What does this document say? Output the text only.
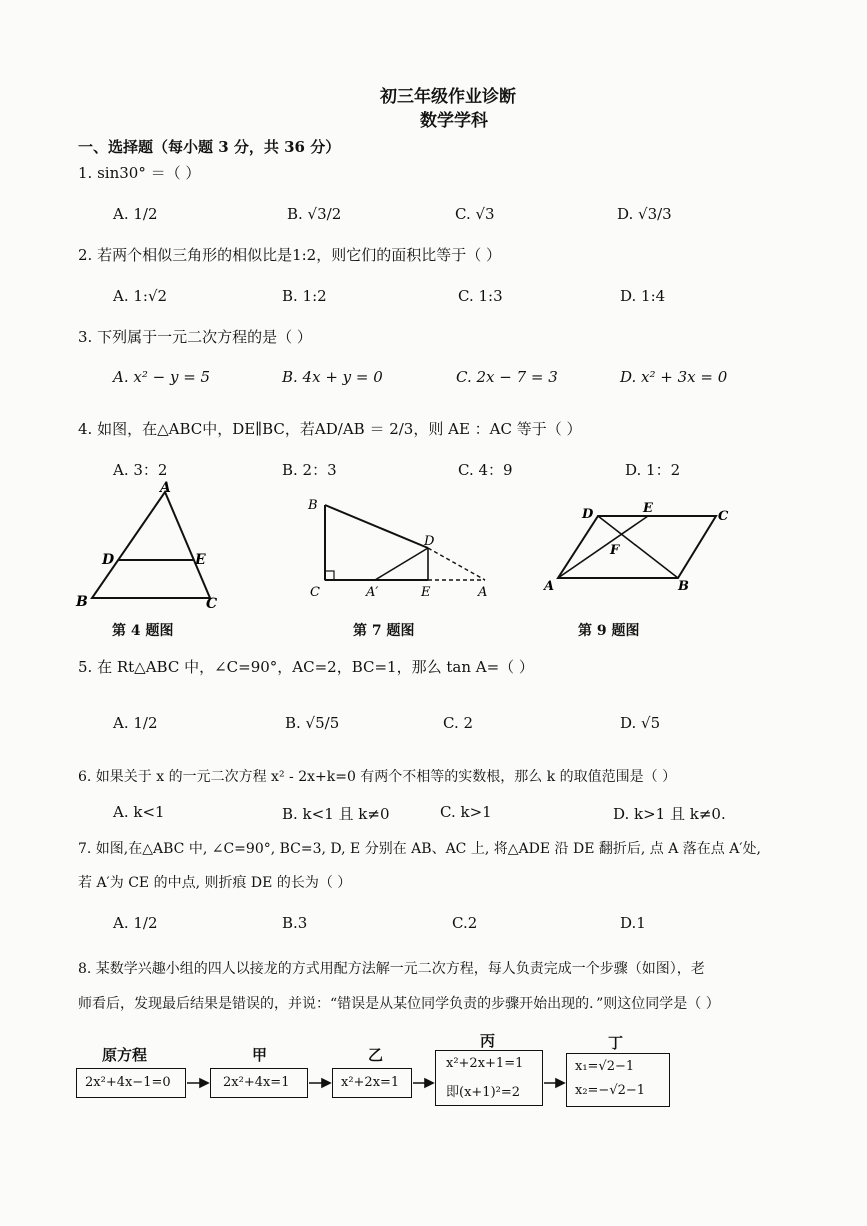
初三年级作业诊断
数学学科
一、选择题（每小题 3 分，共 36 分）
1. sin30° ＝（ ）
A. 1/2	B. √3/2	C. √3	D. √3/3
2. 若两个相似三角形的相似比是1:2，则它们的面积比等于（ ）
A. 1:√2	B. 1:2	C. 1:3	D. 1:4
3. 下列属于一元二次方程的是（ ）
A. x² − y = 5	B. 4x + y = 0	C. 2x − 7 = 3	D. x² + 3x = 0
4. 如图，在△ABC中，DE∥BC，若AD/AB ＝ 2/3，则 AE ：AC 等于（ ）
A. 3：2	B. 2：3	C. 4：9	D. 1：2
A
D	E
B	C
第 4 题图
B
D
C	A′	E	A
第 7 题图
D	E
C
F
A	B
第 9 题图
5. 在 Rt△ABC 中，∠C=90°，AC=2，BC=1，那么 tan A=（ ）
A. 1/2	B. √5/5	C. 2	D. √5
6. 如果关于 x 的一元二次方程 x² - 2x+k=0 有两个不相等的实数根，那么 k 的取值范围是（ ）
A. k<1	B. k<1 且 k≠0	C. k>1	D. k>1 且 k≠0.
7. 如图,在△ABC 中, ∠C=90°, BC=3, D, E 分别在 AB、AC 上, 将△ADE 沿 DE 翻折后, 点 A 落在点 A′处,
若 A′为 CE 的中点, 则折痕 DE 的长为（ ）
A. 1/2	B.3	C.2	D.1
8. 某数学兴趣小组的四人以接龙的方式用配方法解一元二次方程，每人负责完成一个步骤（如图），老
师看后，发现最后结果是错误的，并说：“错误是从某位同学负责的步骤开始出现的．”则这位同学是（ ）
原方程	甲	乙
丙	丁
2x²+4x−1=0	2x²+4x=1	x²+2x=1
x²+2x+1=1
即(x+1)²=2
x₁=√2−1
x₂=−√2−1
